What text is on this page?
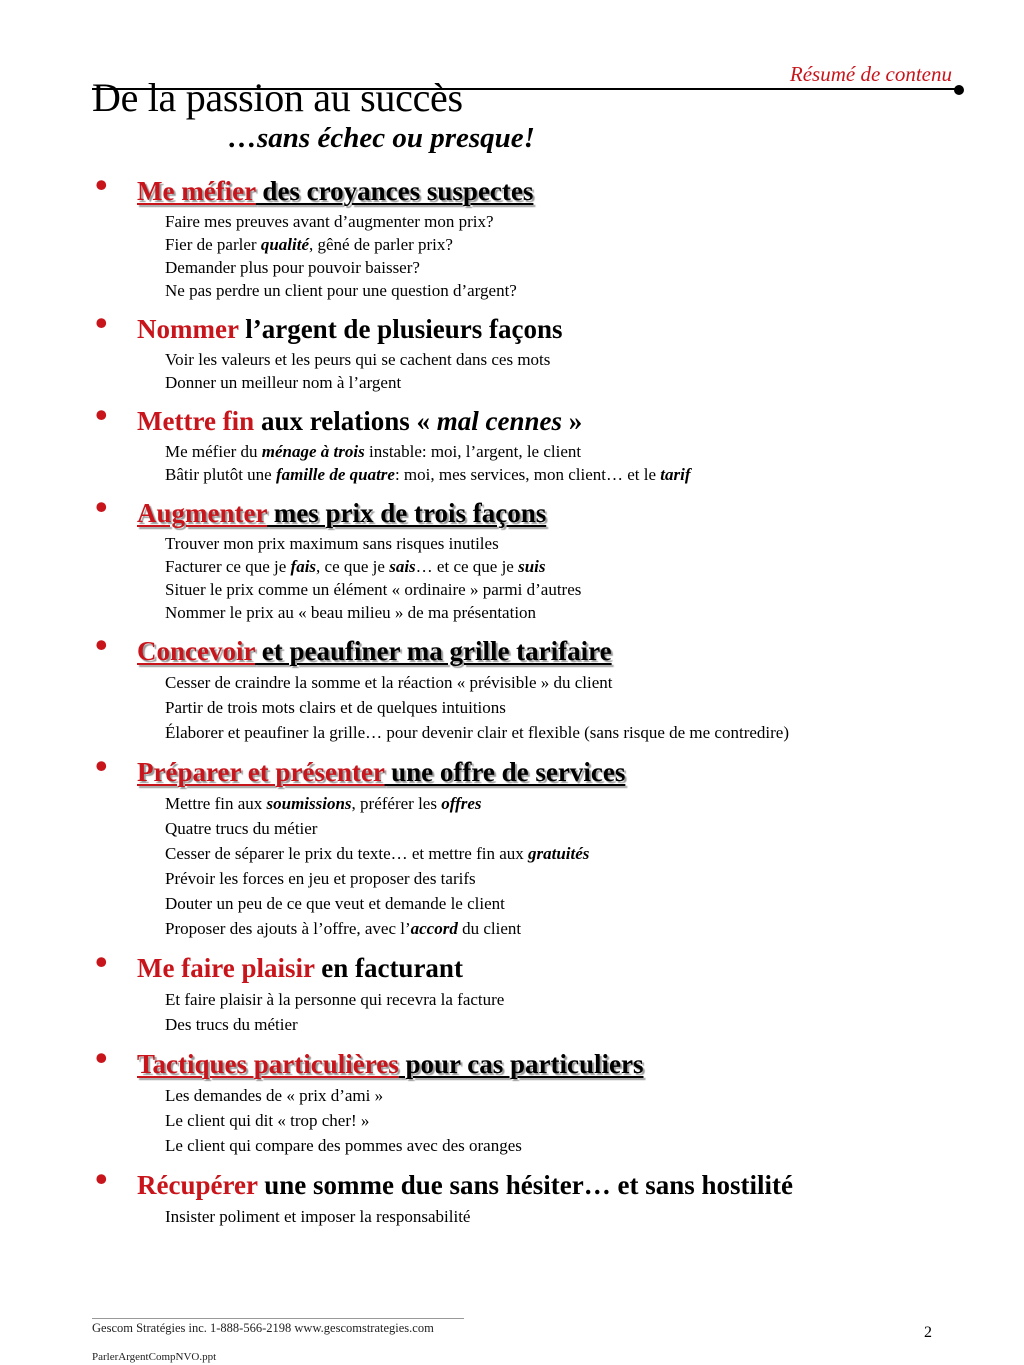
Résumé de contenu
De la passion au succès
…sans échec ou presque!
• Me méfier des croyances suspectes
Faire mes preuves avant d’augmenter mon prix?
Fier de parler qualité, gêné de parler prix?
Demander plus pour pouvoir baisser?
Ne pas perdre un client pour une question d’argent?
• Nommer l’argent de plusieurs façons
Voir les valeurs et les peurs qui se cachent dans ces mots
Donner un meilleur nom à l’argent
• Mettre fin aux relations « mal cennes »
Me méfier du ménage à trois instable: moi, l’argent, le client
Bâtir plutôt une famille de quatre: moi, mes services, mon client… et le tarif
• Augmenter mes prix de trois façons
Trouver mon prix maximum sans risques inutiles
Facturer ce que je fais, ce que je sais… et ce que je suis
Situer le prix comme un élément « ordinaire » parmi d’autres
Nommer le prix au « beau milieu » de ma présentation
• Concevoir et peaufiner ma grille tarifaire
Cesser de craindre la somme et la réaction « prévisible » du client
Partir de trois mots clairs et de quelques intuitions
Élaborer et peaufiner la grille… pour devenir clair et flexible (sans risque de me contredire)
• Préparer et présenter une offre de services
Mettre fin aux soumissions, préférer les offres
Quatre trucs du métier
Cesser de séparer le prix du texte… et mettre fin aux gratuités
Prévoir les forces en jeu et proposer des tarifs
Douter un peu de ce que veut et demande le client
Proposer des ajouts à l’offre, avec l’accord du client
• Me faire plaisir en facturant
Et faire plaisir à la personne qui recevra la facture
Des trucs du métier
• Tactiques particulières pour cas particuliers
Les demandes de « prix d’ami »
Le client qui dit « trop cher! »
Le client qui compare des pommes avec des oranges
• Récupérer une somme due sans hésiter… et sans hostilité
Insister poliment et imposer la responsabilité
Gescom Stratégies inc. 1-888-566-2198 www.gescomstrategies.com	2
ParlerArgentCompNVO.ppt
